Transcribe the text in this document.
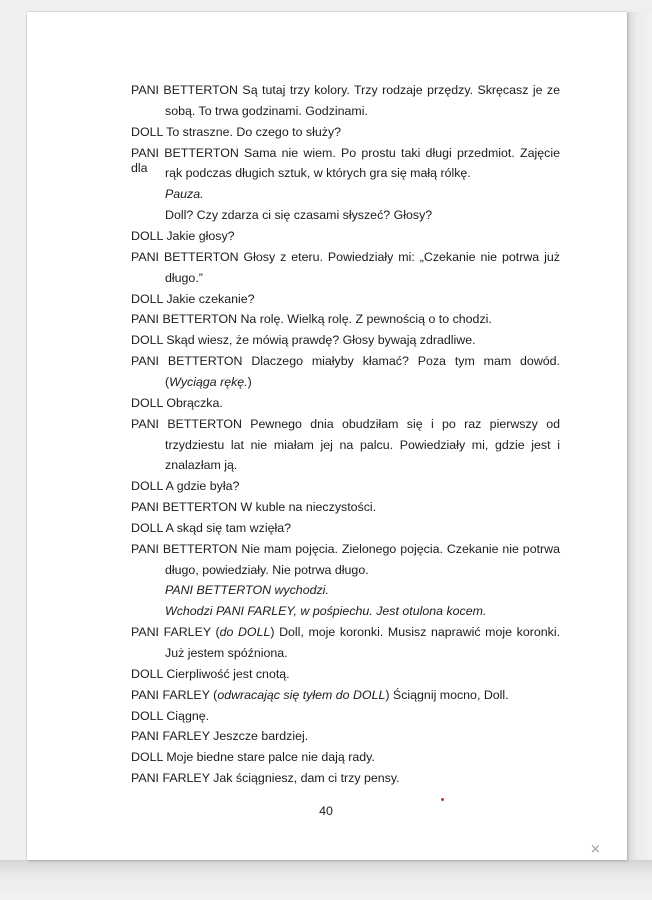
PANI BETTERTON Są tutaj trzy kolory. Trzy rodzaje przędzy. Skręcasz je ze
sobą. To trwa godzinami. Godzinami.
DOLL To straszne. Do czego to służy?
PANI BETTERTON Sama nie wiem. Po prostu taki długi przedmiot. Zajęcie dla	rąk podczas długich sztuk, w których gra się małą rólkę.
Pauza.
Doll? Czy zdarza ci się czasami słyszeć? Głosy?
DOLL Jakie głosy?
PANI BETTERTON Głosy z eteru. Powiedziały mi: „Czekanie nie potrwa już
długo.”
DOLL Jakie czekanie?
PANI BETTERTON Na rolę. Wielką rolę. Z pewnością o to chodzi.
DOLL Skąd wiesz, że mówią prawdę? Głosy bywają zdradliwe.
PANI BETTERTON Dlaczego miałyby kłamać? Poza tym mam dowód.
(Wyciąga rękę.)
DOLL Obrączka.
PANI BETTERTON Pewnego dnia obudziłam się i po raz pierwszy od
trzydziestu lat nie miałam jej na palcu. Powiedziały mi, gdzie jest i
znalazłam ją.
DOLL A gdzie była?
PANI BETTERTON W kuble na nieczystości.
DOLL A skąd się tam wzięła?
PANI BETTERTON Nie mam pojęcia. Zielonego pojęcia. Czekanie nie potrwa
długo, powiedziały. Nie potrwa długo.
PANI BETTERTON wychodzi.
Wchodzi PANI FARLEY, w pośpiechu. Jest otulona kocem.
PANI FARLEY (do DOLL) Doll, moje koronki. Musisz naprawić moje koronki.
Już jestem spóźniona.
DOLL Cierpliwość jest cnotą.
PANI FARLEY (odwracając się tyłem do DOLL) Ściągnij mocno, Doll.
DOLL Ciągnę.
PANI FARLEY Jeszcze bardziej.
DOLL Moje biedne stare palce nie dają rady.
PANI FARLEY Jak ściągniesz, dam ci trzy pensy.
40
×
